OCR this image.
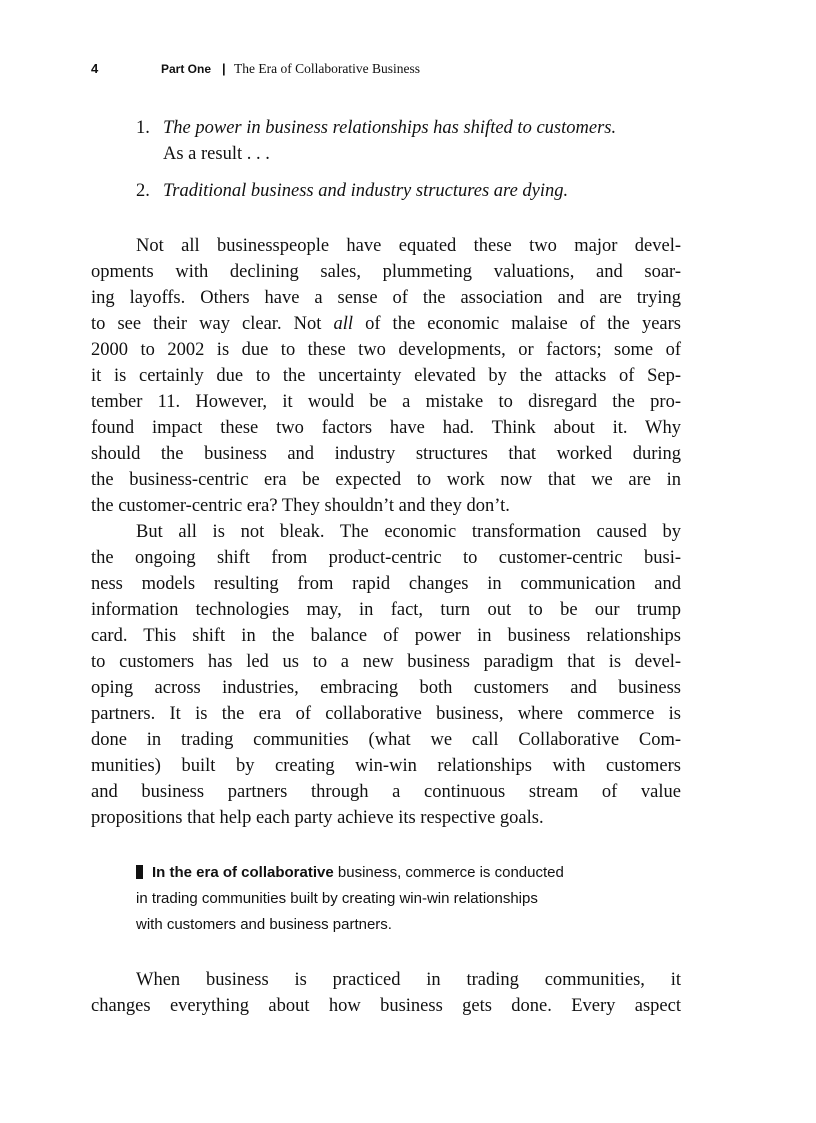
4	Part One | The Era of Collaborative Business
1. The power in business relationships has shifted to customers.
As a result . . .
2. Traditional business and industry structures are dying.
Not all businesspeople have equated these two major devel-
opments with declining sales, plummeting valuations, and soar-
ing layoffs. Others have a sense of the association and are trying
to see their way clear. Not all of the economic malaise of the years
2000 to 2002 is due to these two developments, or factors; some of
it is certainly due to the uncertainty elevated by the attacks of Sep-
tember 11. However, it would be a mistake to disregard the pro-
found impact these two factors have had. Think about it. Why
should the business and industry structures that worked during
the business-centric era be expected to work now that we are in
the customer-centric era? They shouldn’t and they don’t.
But all is not bleak. The economic transformation caused by
the ongoing shift from product-centric to customer-centric busi-
ness models resulting from rapid changes in communication and
information technologies may, in fact, turn out to be our trump
card. This shift in the balance of power in business relationships
to customers has led us to a new business paradigm that is devel-
oping across industries, embracing both customers and business
partners. It is the era of collaborative business, where commerce is
done in trading communities (what we call Collaborative Com-
munities) built by creating win-win relationships with customers
and business partners through a continuous stream of value
propositions that help each party achieve its respective goals.
In the era of collaborative business, commerce is conducted
in trading communities built by creating win-win relationships
with customers and business partners.
When business is practiced in trading communities, it
changes everything about how business gets done. Every aspect
